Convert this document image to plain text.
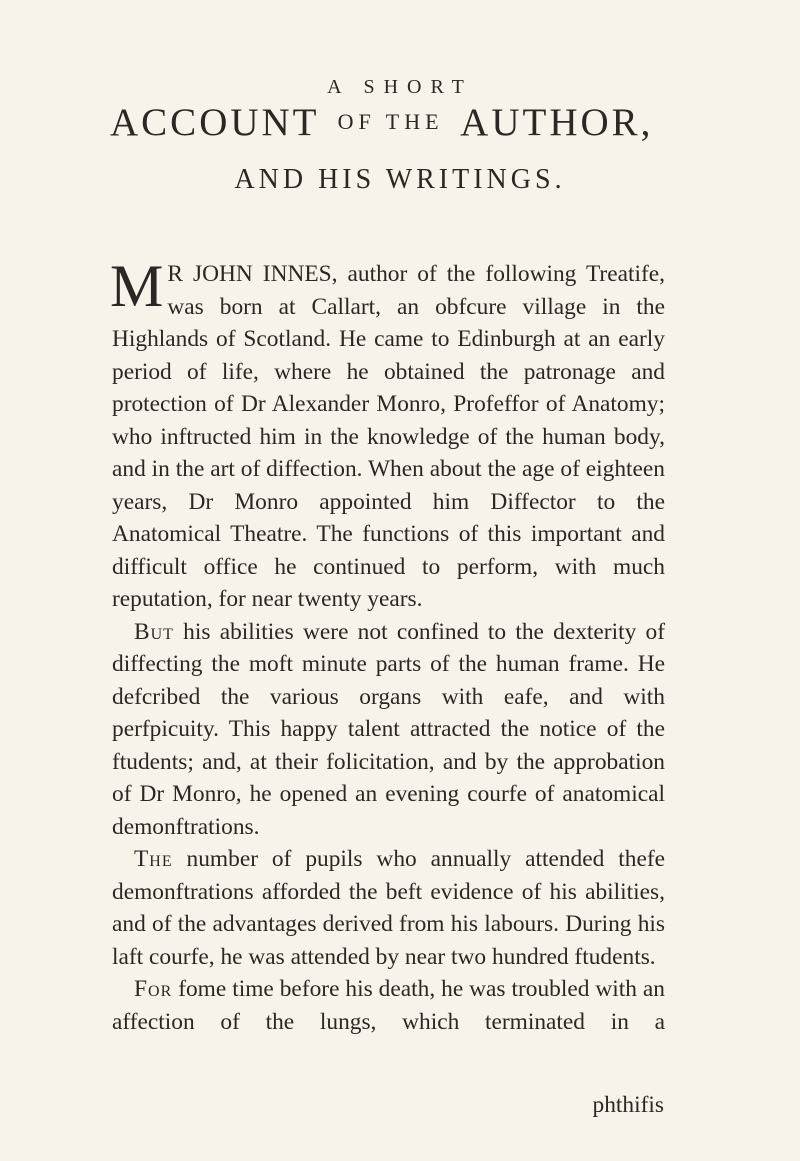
A SHORT
ACCOUNT OF THE AUTHOR,
AND HIS WRITINGS.

M R JOHN INNES, author of the following Treatife, was born at Callart, an obfcure village in the Highlands of Scotland. He came to Edinburgh at an early period of life, where he obtained the patronage and protection of Dr Alexander Monro, Profeffor of Anatomy; who inftructed him in the knowledge of the human body, and in the art of diffection. When about the age of eighteen years, Dr Monro appointed him Diffector to the Anatomical Theatre. The functions of this important and difficult office he continued to perform, with much reputation, for near twenty years.

But his abilities were not confined to the dexterity of diffecting the moft minute parts of the human frame. He defcribed the various organs with eafe, and with perfpicuity. This happy talent attracted the notice of the ftudents; and, at their folicitation, and by the approbation of Dr Monro, he opened an evening courfe of anatomical demonftrations.

The number of pupils who annually attended thefe demonftrations afforded the beft evidence of his abilities, and of the advantages derived from his labours. During his laft courfe, he was attended by near two hundred ftudents.

For fome time before his death, he was troubled with an affection of the lungs, which terminated in a

phthifis
